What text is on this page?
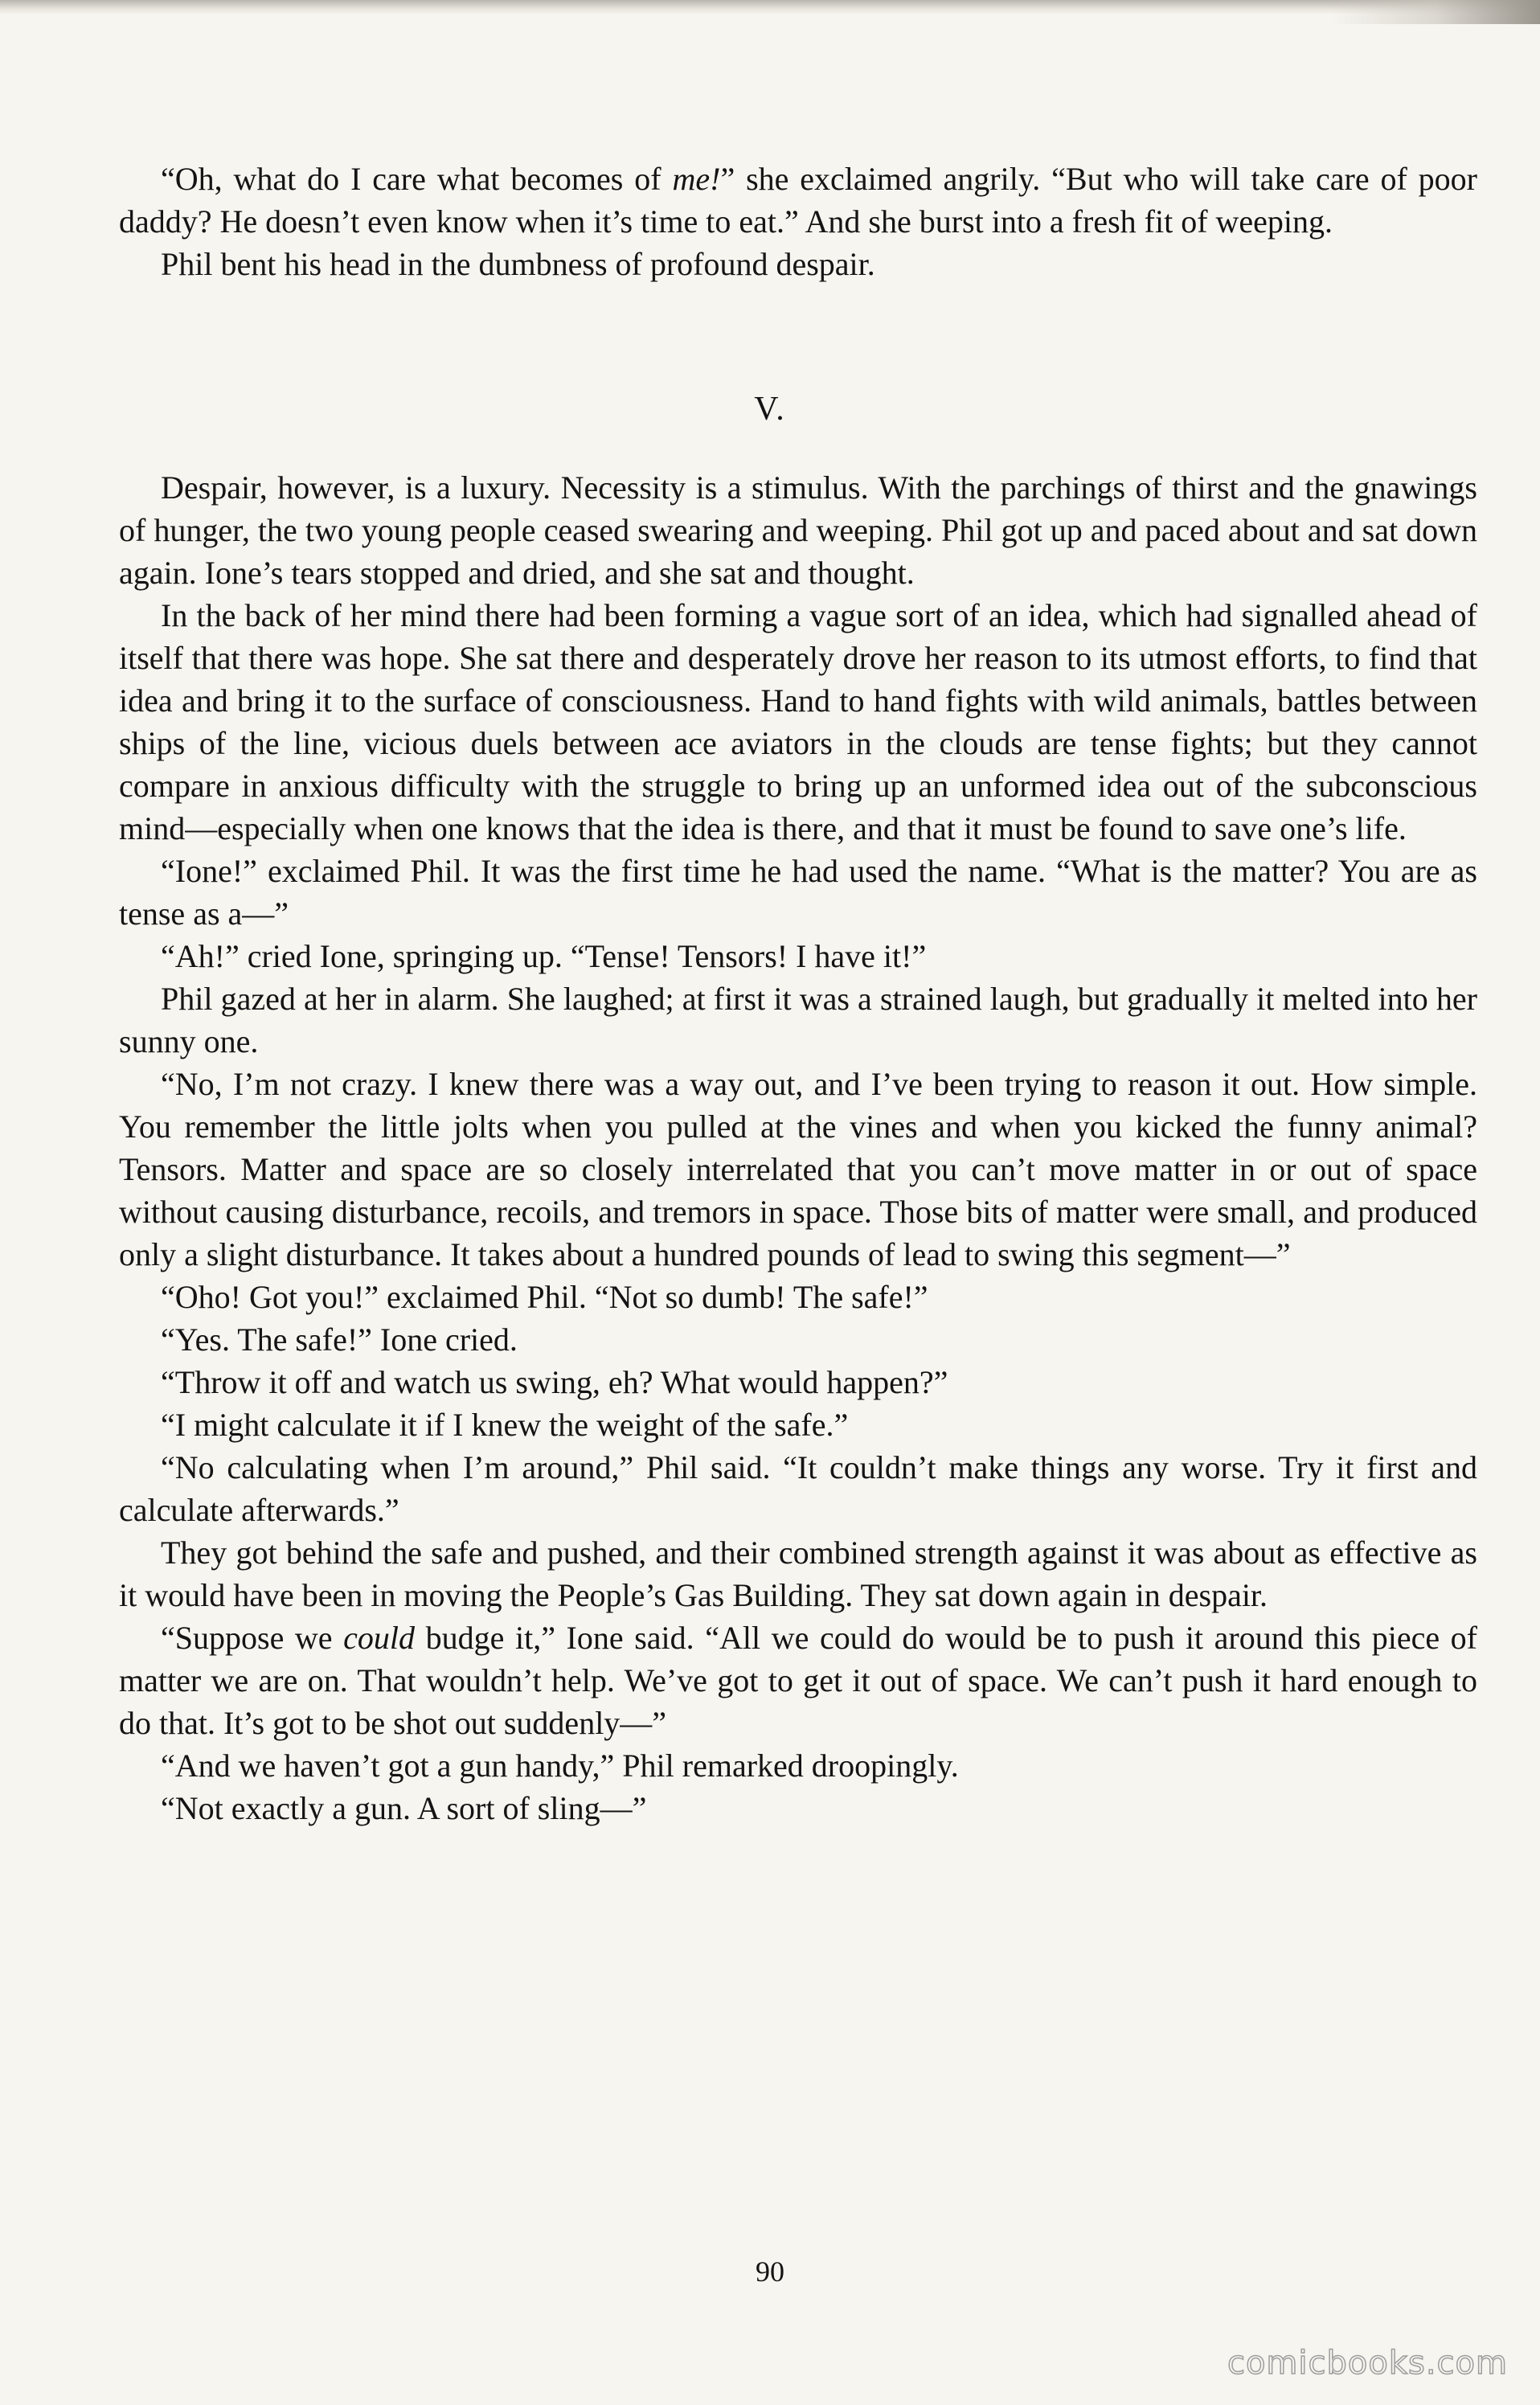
“Oh, what do I care what becomes of me!” she exclaimed angrily. “But who will take care of poor daddy? He doesn’t even know when it’s time to eat.” And she burst into a fresh fit of weeping.

Phil bent his head in the dumbness of profound despair.

V.

Despair, however, is a luxury. Necessity is a stimulus. With the parchings of thirst and the gnawings of hunger, the two young people ceased swearing and weeping. Phil got up and paced about and sat down again. Ione’s tears stopped and dried, and she sat and thought.

In the back of her mind there had been forming a vague sort of an idea, which had signalled ahead of itself that there was hope. She sat there and desperately drove her reason to its utmost efforts, to find that idea and bring it to the surface of consciousness. Hand to hand fights with wild animals, battles between ships of the line, vicious duels between ace aviators in the clouds are tense fights; but they cannot compare in anxious difficulty with the struggle to bring up an unformed idea out of the subconscious mind—especially when one knows that the idea is there, and that it must be found to save one’s life.

“Ione!” exclaimed Phil. It was the first time he had used the name. “What is the matter? You are as tense as a—”

“Ah!” cried Ione, springing up. “Tense! Tensors! I have it!”

Phil gazed at her in alarm. She laughed; at first it was a strained laugh, but gradually it melted into her sunny one.

“No, I’m not crazy. I knew there was a way out, and I’ve been trying to reason it out. How simple. You remember the little jolts when you pulled at the vines and when you kicked the funny animal? Tensors. Matter and space are so closely interrelated that you can’t move matter in or out of space without causing disturbance, recoils, and tremors in space. Those bits of matter were small, and produced only a slight disturbance. It takes about a hundred pounds of lead to swing this segment—”

“Oho! Got you!” exclaimed Phil. “Not so dumb! The safe!”

“Yes. The safe!” Ione cried.

“Throw it off and watch us swing, eh? What would happen?”

“I might calculate it if I knew the weight of the safe.”

“No calculating when I’m around,” Phil said. “It couldn’t make things any worse. Try it first and calculate afterwards.”

They got behind the safe and pushed, and their combined strength against it was about as effective as it would have been in moving the People’s Gas Building. They sat down again in despair.

“Suppose we could budge it,” Ione said. “All we could do would be to push it around this piece of matter we are on. That wouldn’t help. We’ve got to get it out of space. We can’t push it hard enough to do that. It’s got to be shot out suddenly—”

“And we haven’t got a gun handy,” Phil remarked droopingly.

“Not exactly a gun. A sort of sling—”

90
comicbooks.com
